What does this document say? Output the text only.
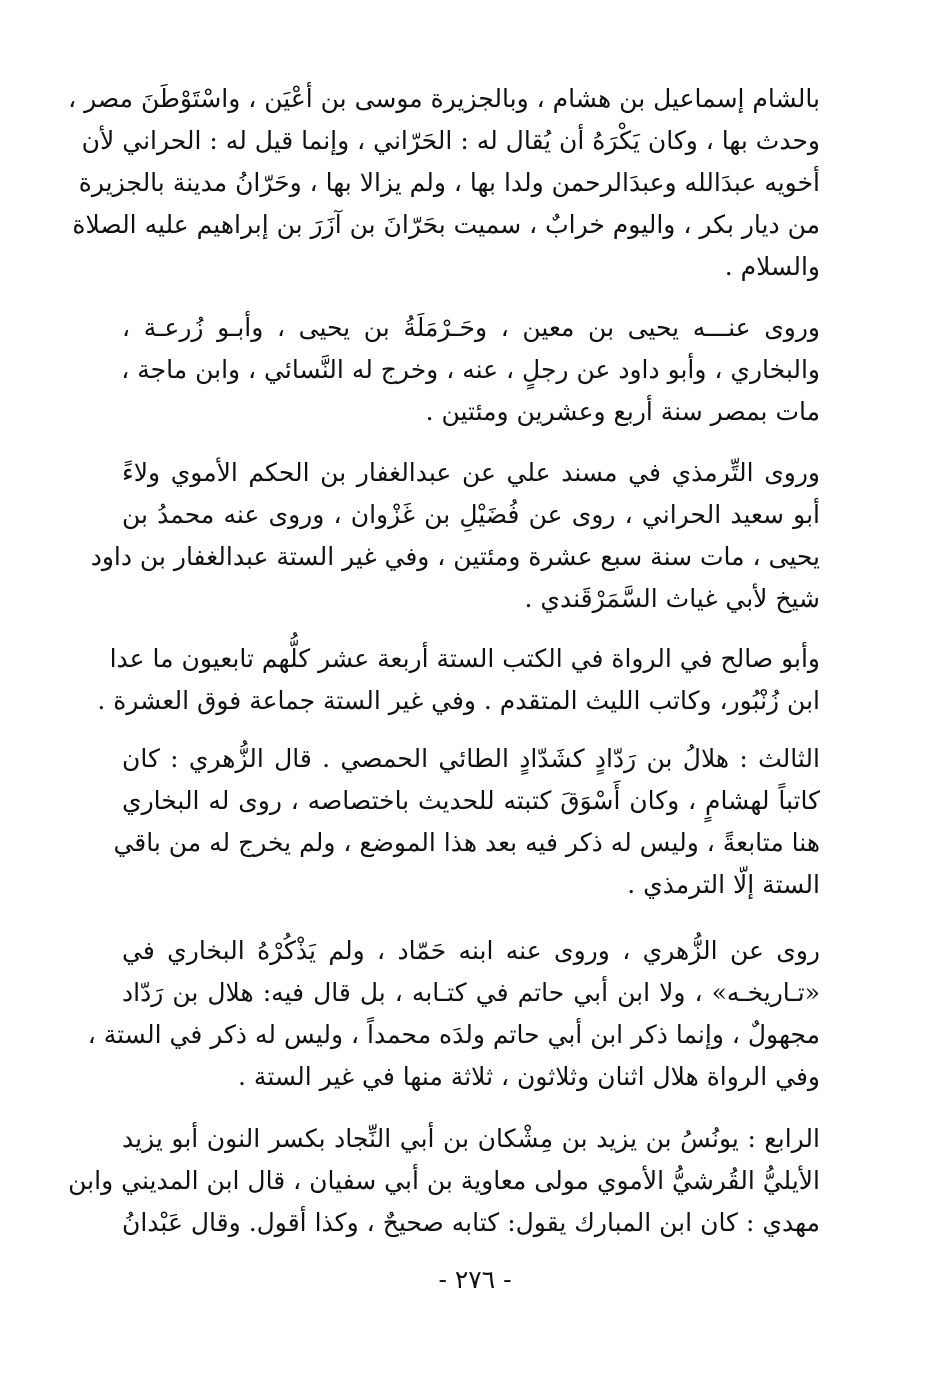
بالشام إسماعيل بن هشام ، وبالجزيرة موسى بن أعْيَن ، واسْتَوْطَنَ مصر ،
وحدث بها ، وكان يَكْرَهُ أن يُقال له : الحَرّاني ، وإنما قيل له : الحراني لأن
أخويه عبدَالله وعبدَالرحمن ولدا بها ، ولم يزالا بها ، وحَرّانُ مدينة بالجزيرة
من ديار بكر ، واليوم خرابٌ ، سميت بحَرّانَ بن آزَرَ بن إبراهيم عليه الصلاة
والسلام .
وروى عنـــه يحيى بن معين ، وحَـرْمَلَةُ بن يحيى ، وأبـو زُرعـة ،
والبخاري ، وأبو داود عن رجلٍ ، عنه ، وخرج له النَّسائي ، وابن ماجة ،
مات بمصر سنة أربع وعشرين ومئتين .
وروى التِّرمذي في مسند علي عن عبدالغفار بن الحكم الأموي ولاءً
أبو سعيد الحراني ، روى عن فُضَيْلِ بن غَزْوان ، وروى عنه محمدُ بن
يحيى ، مات سنة سبع عشرة ومئتين ، وفي غير الستة عبدالغفار بن داود
شيخ لأبي غياث السَّمَرْقَندي .
وأبو صالح في الرواة في الكتب الستة أربعة عشر كلُّهم تابعيون ما عدا
ابن زُنْبُور، وكاتب الليث المتقدم . وفي غير الستة جماعة فوق العشرة .
الثالث : هلالُ بن رَدّادٍ كشَدّادٍ الطائي الحمصي . قال الزُّهري : كان
كاتباً لهشامٍ ، وكان أَسْوَقَ كتبته للحديث باختصاصه ، روى له البخاري
هنا متابعةً ، وليس له ذكر فيه بعد هذا الموضع ، ولم يخرج له من باقي
الستة إلّا الترمذي .
روى عن الزُّهري ، وروى عنه ابنه حَمّاد ، ولم يَذْكُرْهُ البخاري في
«تـاريخـه» ، ولا ابن أبي حاتم في كتـابه ، بل قال فيه: هلال بن رَدّاد
مجهولٌ ، وإنما ذكر ابن أبي حاتم ولدَه محمداً ، وليس له ذكر في الستة ،
وفي الرواة هلال اثنان وثلاثون ، ثلاثة منها في غير الستة .
الرابع : يونُسُ بن يزيد بن مِشْكان بن أبي النِّجاد بكسر النون أبو يزيد
الأيليُّ القُرشيُّ الأموي مولى معاوية بن أبي سفيان ، قال ابن المديني وابن
مهدي : كان ابن المبارك يقول: كتابه صحيحٌ ، وكذا أقول. وقال عَبْدانُ
- ٢٧٦ -
